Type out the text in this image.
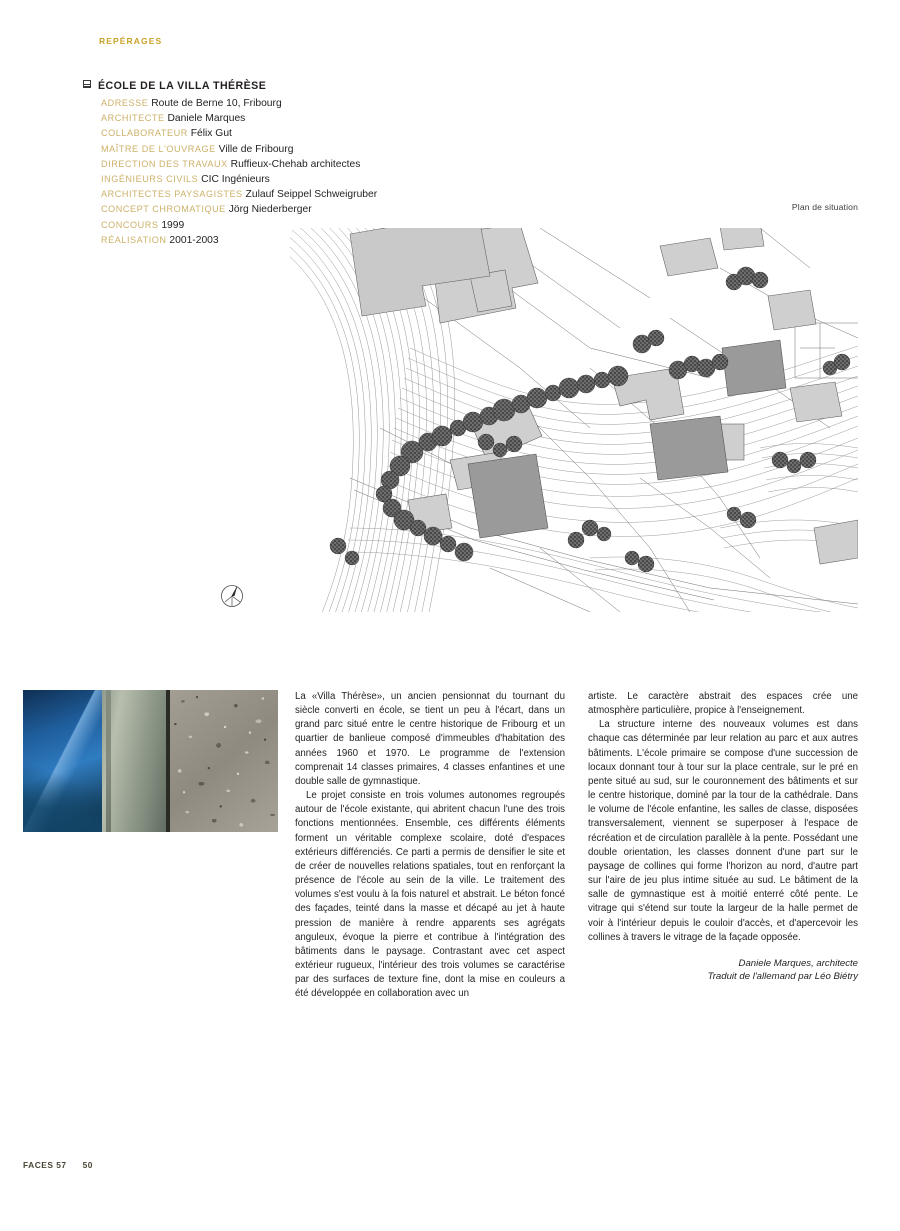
REPÉRAGES
ÉCOLE DE LA VILLA THÉRÈSE
ADRESSE Route de Berne 10, Fribourg
ARCHITECTE Daniele Marques
COLLABORATEUR Félix Gut
MAÎTRE DE L'OUVRAGE Ville de Fribourg
DIRECTION DES TRAVAUX Ruffieux-Chehab architectes
INGÉNIEURS CIVILS CIC Ingénieurs
ARCHITECTES PAYSAGISTES Zulauf Seippel Schweigruber
CONCEPT CHROMATIQUE Jörg Niederberger
CONCOURS 1999
RÉALISATION 2001-2003
Plan de situation

La «Villa Thérèse», un ancien pensionnat du tournant du siècle converti en école, se tient un peu à l'écart, dans un grand parc situé entre le centre historique de Fribourg et un quartier de banlieue composé d'immeubles d'habitation des années 1960 et 1970. Le programme de l'extension comprenait 14 classes primaires, 4 classes enfantines et une double salle de gymnastique.

Le projet consiste en trois volumes autonomes regroupés autour de l'école existante, qui abritent chacun l'une des trois fonctions mentionnées. Ensemble, ces différents éléments forment un véritable complexe scolaire, doté d'espaces extérieurs différenciés. Ce parti a permis de densifier le site et de créer de nouvelles relations spatiales, tout en renforçant la présence de l'école au sein de la ville. Le traitement des volumes s'est voulu à la fois naturel et abstrait. Le béton foncé des façades, teinté dans la masse et décapé au jet à haute pression de manière à rendre apparents ses agrégats anguleux, évoque la pierre et contribue à l'intégration des bâtiments dans le paysage. Contrastant avec cet aspect extérieur rugueux, l'intérieur des trois volumes se caractérise par des surfaces de texture fine, dont la mise en couleurs a été développée en collaboration avec un

artiste. Le caractère abstrait des espaces crée une atmosphère particulière, propice à l'enseignement.

La structure interne des nouveaux volumes est dans chaque cas déterminée par leur relation au parc et aux autres bâtiments. L'école primaire se compose d'une succession de locaux donnant tour à tour sur la place centrale, sur le pré en pente situé au sud, sur le couronnement des bâtiments et sur le centre historique, dominé par la tour de la cathédrale. Dans le volume de l'école enfantine, les salles de classe, disposées transversalement, viennent se superposer à l'espace de récréation et de circulation parallèle à la pente. Possédant une double orientation, les classes donnent d'une part sur le paysage de collines qui forme l'horizon au nord, d'autre part sur l'aire de jeu plus intime située au sud. Le bâtiment de la salle de gymnastique est à moitié enterré côté pente. Le vitrage qui s'étend sur toute la largeur de la halle permet de voir à l'intérieur depuis le couloir d'accès, et d'apercevoir les collines à travers le vitrage de la façade opposée.

Daniele Marques, architecte
Traduit de l'allemand par Léo Biétry
FACES 57 50
